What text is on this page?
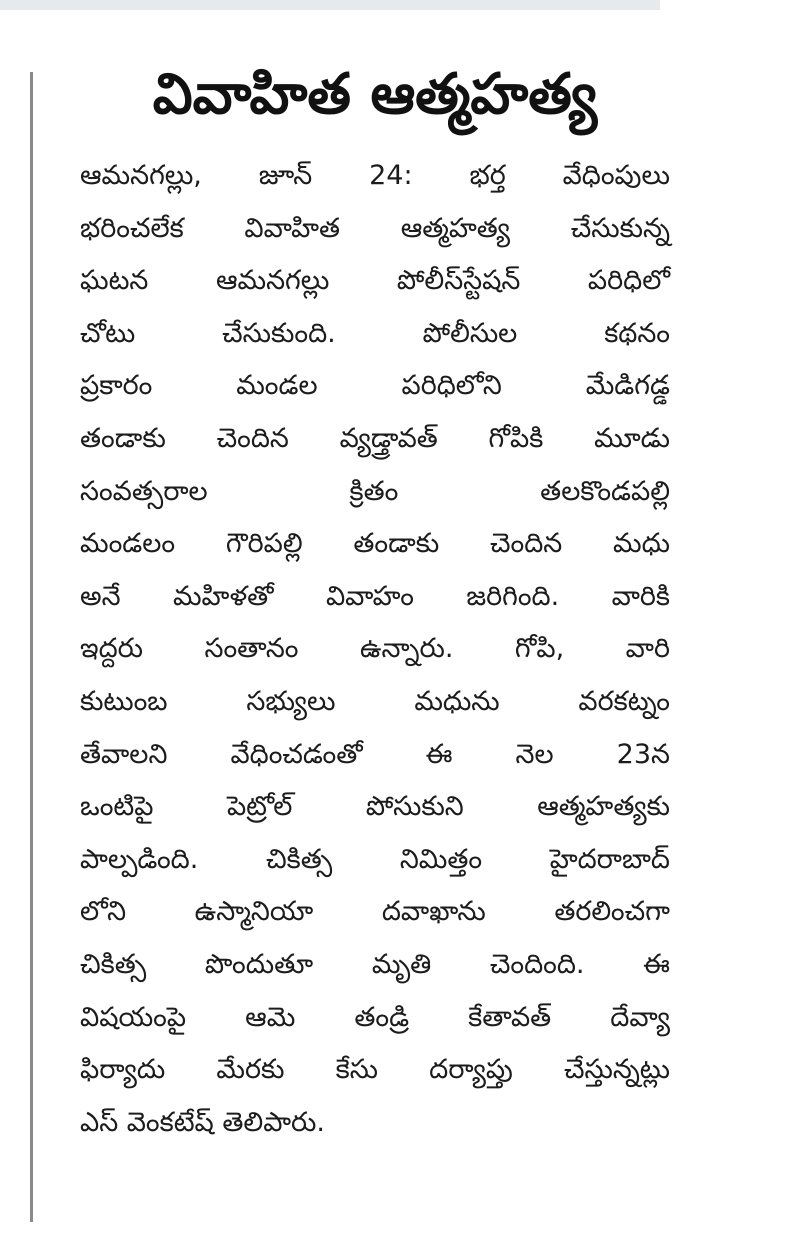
వివాహిత ఆత్మహత్య
ఆమనగల్లు, జూన్ 24: భర్త వేధింపులు
భరించలేక వివాహిత ఆత్మహత్య చేసుకున్న
ఘటన ఆమనగల్లు పోలీస్‌స్టేషన్ పరిధిలో
చోటు చేసుకుంది. పోలీసుల కథనం
ప్రకారం మండల పరిధిలోని మేడిగడ్డ
తండాకు చెందిన వ్యడ్త్రావత్ గోపికి మూడు
సంవత్సరాల క్రితం తలకొండపల్లి
మండలం గౌరిపల్లి తండాకు చెందిన మధు
అనే మహిళతో వివాహం జరిగింది. వారికి
ఇద్దరు సంతానం ఉన్నారు. గోపి, వారి
కుటుంబ సభ్యులు మధును వరకట్నం
తేవాలని వేధించడంతో ఈ నెల 23న
ఒంటిపై పెట్రోల్ పోసుకుని ఆత్మహత్యకు
పాల్పడింది. చికిత్స నిమిత్తం హైదరాబాద్
లోని ఉస్మానియా దవాఖాను తరలించగా
చికిత్స పొందుతూ మృతి చెందింది. ఈ
విషయంపై ఆమె తండ్రి కేతావత్ దేవ్యా
ఫిర్యాదు మేరకు కేసు దర్యాప్తు చేస్తున్నట్లు
ఎస్ వెంకటేష్ తెలిపారు.
